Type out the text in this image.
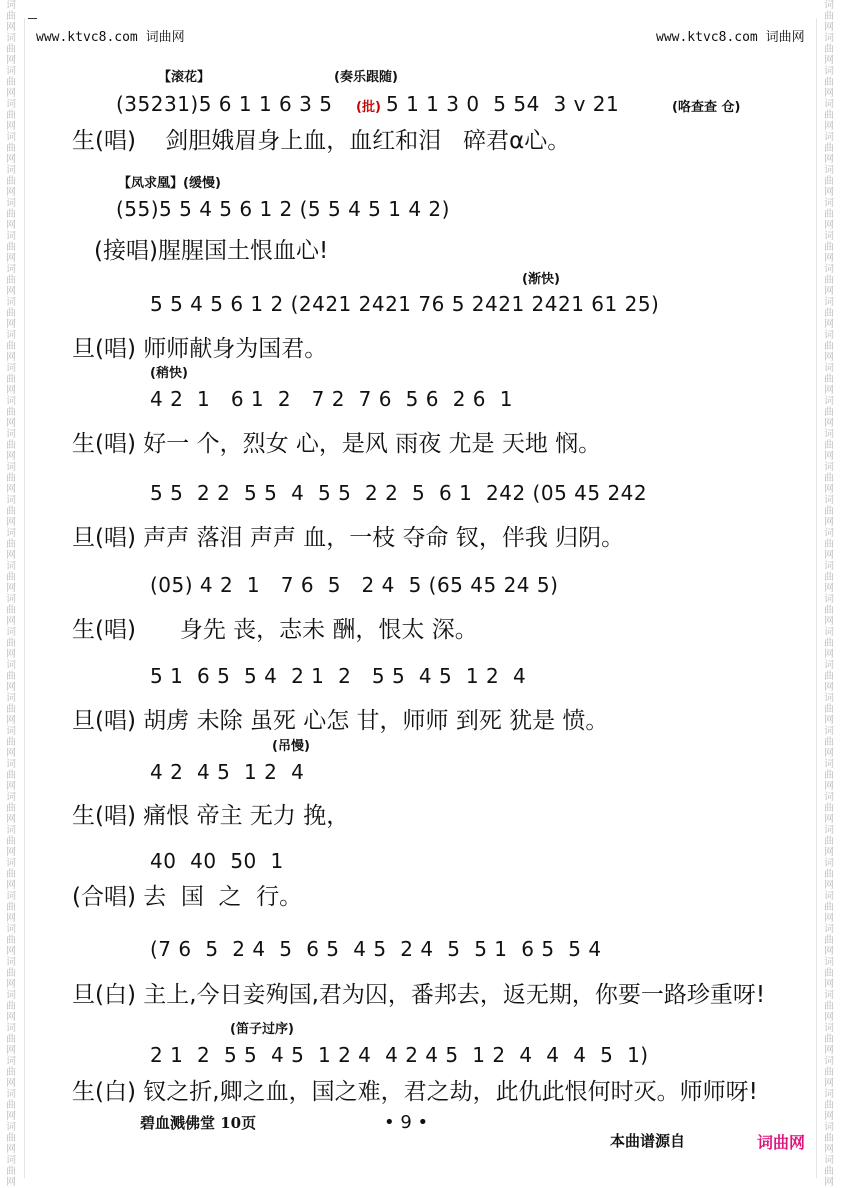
词曲网词曲网词曲网词曲网词曲网词曲网词曲网词曲网词曲网词曲网词曲网词曲网词曲网词曲网词曲网词曲网词曲网词曲网词曲网词曲网词曲网词曲网词曲网词曲网词曲网词曲网词曲网词曲网词曲网词曲网词曲网词曲网词曲网词曲网词曲网词曲网
词曲网词曲网词曲网词曲网词曲网词曲网词曲网词曲网词曲网词曲网词曲网词曲网词曲网词曲网词曲网词曲网词曲网词曲网词曲网词曲网词曲网词曲网词曲网词曲网词曲网词曲网词曲网词曲网词曲网词曲网词曲网词曲网词曲网词曲网词曲网词曲网
www.ktvc8.com 词曲网	www.ktvc8.com 词曲网
【滚花】	(奏乐跟随)
(35231)5 6 1 1 6 3 5	5 1 1 3 0  5 54  3 v 21	(咯查查 仓)
生(唱)    剑胆娥眉身上血，血红和泪   碎君α心。
【凤求凰】(缓慢)
(55)5 5 4 5 6 1 2 (5 5 4 5 1 4 2)
(接唱)腥腥国土恨血心!
(渐快)
5 5 4 5 6 1 2 (2421 2421 76 5 2421 2421 61 25)
旦(唱) 师师献身为国君。
(稍快)
4 2  1   6 1  2   7 2  7 6  5 6  2 6  1
生(唱) 好一 个，烈女 心，是风 雨夜 尤是 天地 悯。
5 5  2 2  5 5  4  5 5  2 2  5  6 1  242 (05 45 242
旦(唱) 声声 落泪 声声 血，一枝 夺命 钗，伴我 归阴。
(05) 4 2  1   7 6  5   2 4  5 (65 45 24 5)
生(唱)      身先 丧，志未 酬，恨太 深。
5 1  6 5  5 4  2 1  2   5 5  4 5  1 2  4
旦(唱) 胡虏 未除 虽死 心怎 甘，师师 到死 犹是 愤。
(吊慢)
4 2  4 5  1 2  4
生(唱) 痛恨 帝主 无力 挽，
40  40  50  1
(合唱) 去  国  之  行。
(7 6  5  2 4  5  6 5  4 5  2 4  5  5 1  6 5  5 4
旦(白) 主上,今日妾殉国,君为囚，番邦去，返无期，你要一路珍重呀!
(笛子过序)
2 1  2  5 5  4 5  1 2 4  4 2 4 5  1 2  4  4  4  5  1)
生(白) 钗之折,卿之血，国之难，君之劫，此仇此恨何时灭。师师呀!
(批)
碧血溅佛堂 10页	• 9 •
本曲谱源自	词曲网
